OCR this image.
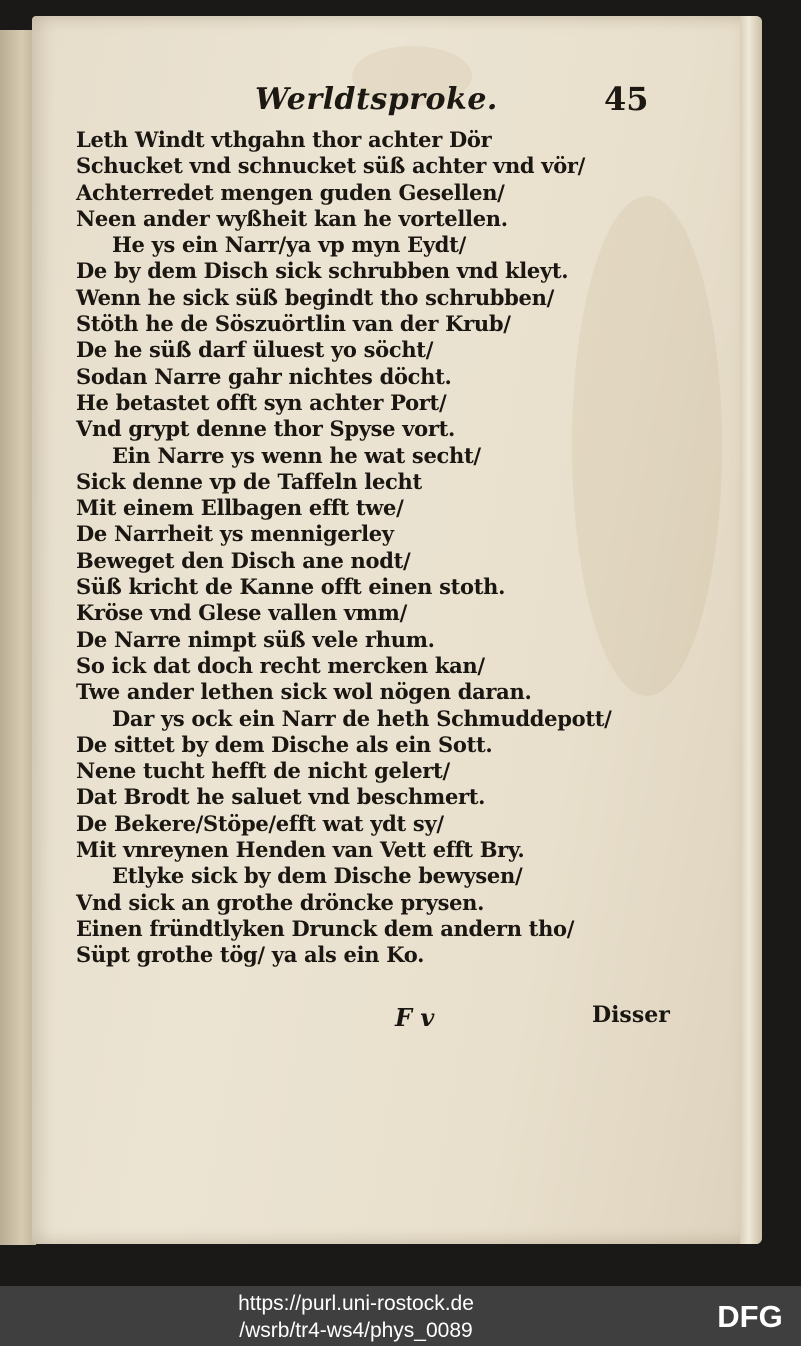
Werldtsproke.	45
Leth Windt vthgahn thor achter Dör
Schucket vnd schnucket süß achter vnd vör/
Achterredet mengen guden Gesellen/
Neen ander wyßheit kan he vortellen.
He ys ein Narr/ya vp myn Eydt/
De by dem Disch sick schrubben vnd kleyt.
Wenn he sick süß begindt tho schrubben/
Stöth he de Söszuörtlin van der Krub/
De he süß darf üluest yo söcht/
Sodan Narre gahr nichtes döcht.
He betastet offt syn achter Port/
Vnd grypt denne thor Spyse vort.
Ein Narre ys wenn he wat secht/
Sick denne vp de Taffeln lecht
Mit einem Ellbagen efft twe/
De Narrheit ys mennigerley
Beweget den Disch ane nodt/
Süß kricht de Kanne offt einen stoth.
Kröse vnd Glese vallen vmm/
De Narre nimpt süß vele rhum.
So ick dat doch recht mercken kan/
Twe ander lethen sick wol nögen daran.
Dar ys ock ein Narr de heth Schmuddepott/
De sittet by dem Dische als ein Sott.
Nene tucht hefft de nicht gelert/
Dat Brodt he saluet vnd beschmert.
De Bekere/Stöpe/efft wat ydt sy/
Mit vnreynen Henden van Vett efft Bry.
Etlyke sick by dem Dische bewysen/
Vnd sick an grothe dröncke prysen.
Einen fründtlyken Drunck dem andern tho/
Süpt grothe tög/ ya als ein Ko.
F v	Disser
https://purl.uni-rostock.de
/wsrb/tr4-ws4/phys_0089	DFG
